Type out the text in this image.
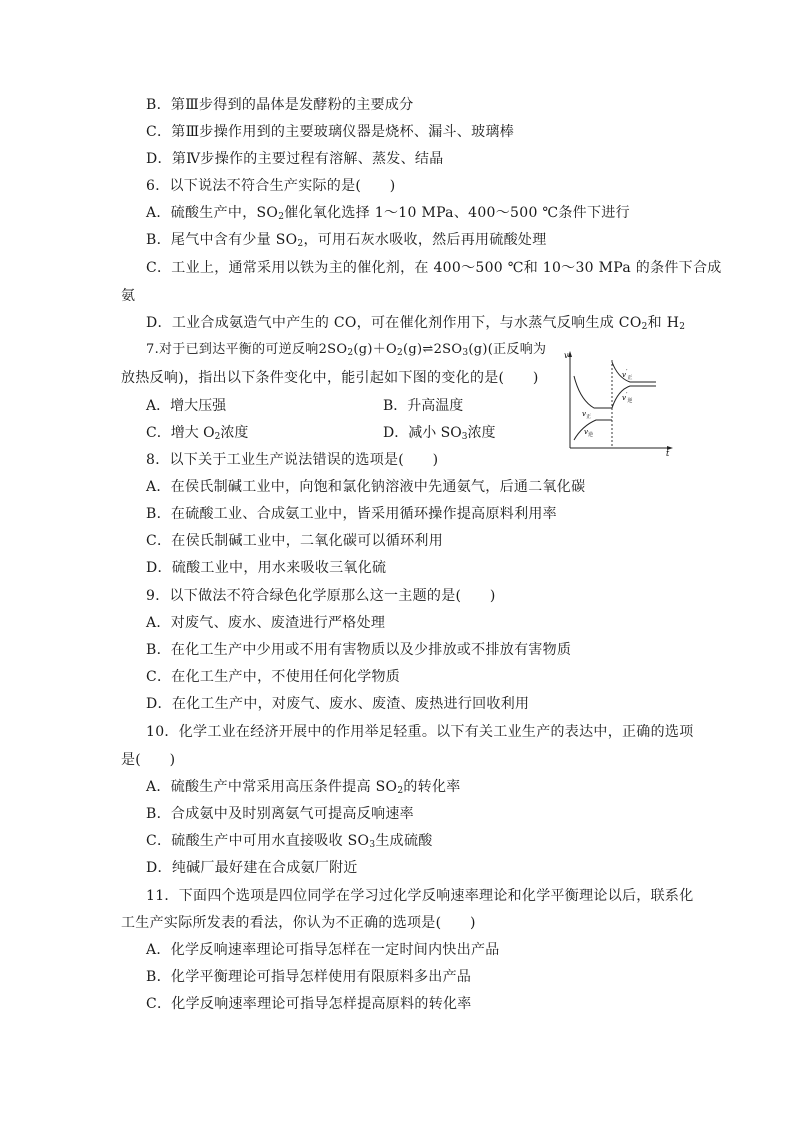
B．第Ⅲ步得到的晶体是发酵粉的主要成分
C．第Ⅲ步操作用到的主要玻璃仪器是烧杯、漏斗、玻璃棒
D．第Ⅳ步操作的主要过程有溶解、蒸发、结晶
6．以下说法不符合生产实际的是(　　)
A．硫酸生产中，$SO_2$催化氧化选择 1～10 MPa、400～500 ℃条件下进行
B．尾气中含有少量 $SO_2$，可用石灰水吸收，然后再用硫酸处理
C．工业上，通常采用以铁为主的催化剂，在 400～500 ℃和 10～30 MPa 的条件下合成
氨
D．工业合成氨造气中产生的 CO，可在催化剂作用下，与水蒸气反响生成 $CO_2$和 $H_2$
7.对于已到达平衡的可逆反响$2SO_2(g)+O_2(g)\rightleftharpoons 2SO_3(g)$(正反响为
放热反响)，指出以下条件变化中，能引起如下图的变化的是(　　)
A．增大压强	B．升高温度
C．增大 $O_2$浓度	D．减小 $SO_3$浓度
v
t
$v_正$
$v_逆$
$v'_正$
$v'_逆$
8．以下关于工业生产说法错误的选项是(　　)
A．在侯氏制碱工业中，向饱和氯化钠溶液中先通氨气，后通二氧化碳
B．在硫酸工业、合成氨工业中，皆采用循环操作提高原料利用率
C．在侯氏制碱工业中，二氧化碳可以循环利用
D．硫酸工业中，用水来吸收三氧化硫
9．以下做法不符合绿色化学原那么这一主题的是(　　)
A．对废气、废水、废渣进行严格处理
B．在化工生产中少用或不用有害物质以及少排放或不排放有害物质
C．在化工生产中，不使用任何化学物质
D．在化工生产中，对废气、废水、废渣、废热进行回收利用
10．化学工业在经济开展中的作用举足轻重。以下有关工业生产的表达中，正确的选项
是(　　)
A．硫酸生产中常采用高压条件提高 $SO_2$的转化率
B．合成氨中及时别离氨气可提高反响速率
C．硫酸生产中可用水直接吸收 $SO_3$生成硫酸
D．纯碱厂最好建在合成氨厂附近
11．下面四个选项是四位同学在学习过化学反响速率理论和化学平衡理论以后，联系化
工生产实际所发表的看法，你认为不正确的选项是(　　)
A．化学反响速率理论可指导怎样在一定时间内快出产品
B．化学平衡理论可指导怎样使用有限原料多出产品
C．化学反响速率理论可指导怎样提高原料的转化率
